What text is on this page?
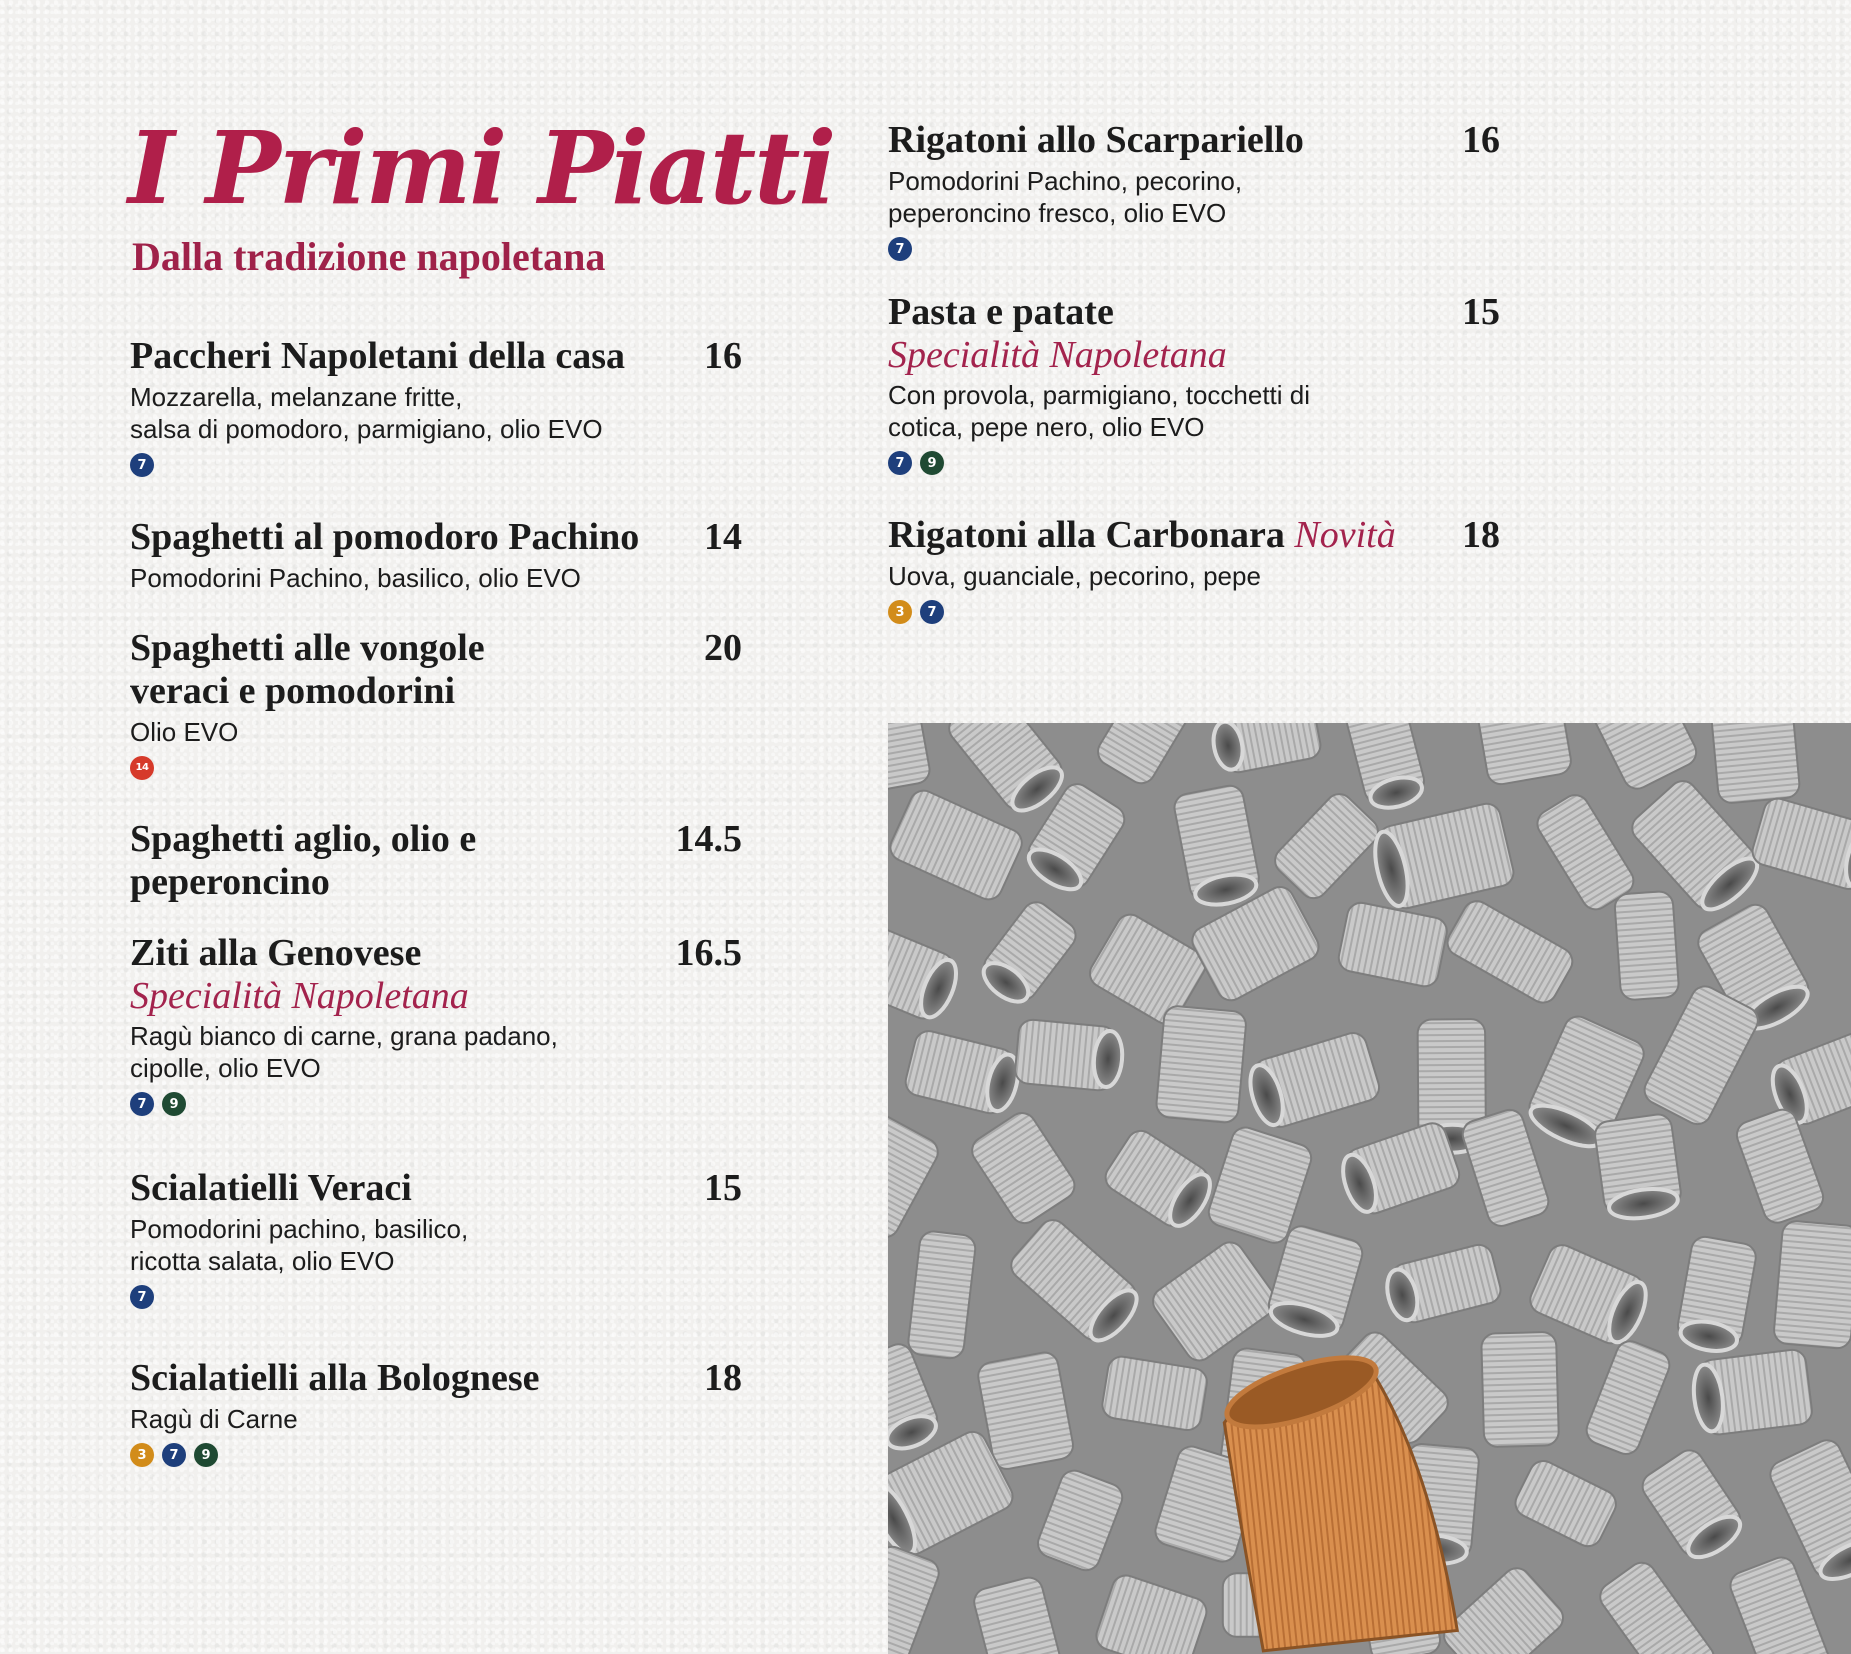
I Primi Piatti
Dalla tradizione napoletana
Paccheri Napoletani della casa	16
Mozzarella, melanzane fritte,
salsa di pomodoro, parmigiano, olio EVO
7
Spaghetti al pomodoro Pachino 14
Pomodorini Pachino, basilico, olio EVO
Spaghetti alle vongole veraci e pomodorini
20
Olio EVO
14
Spaghetti aglio, olio e peperoncino
14.5
Ziti alla Genovese
Specialità Napoletana
16.5
Ragù bianco di carne, grana padano,
cipolle, olio EVO
7	9
Scialatielli Veraci	15
Pomodorini pachino, basilico,
ricotta salata, olio EVO
7
Scialatielli alla Bolognese	18
Ragù di Carne
3	7	9
Rigatoni allo Scarpariello	16
Pomodorini Pachino, pecorino,
peperoncino fresco, olio EVO
7
Pasta e patate
Specialità Napoletana
15
Con provola, parmigiano, tocchetti di
cotica, pepe nero, olio EVO
7	9
Rigatoni alla Carbonara Novità	18
Uova, guanciale, pecorino, pepe
3	7
